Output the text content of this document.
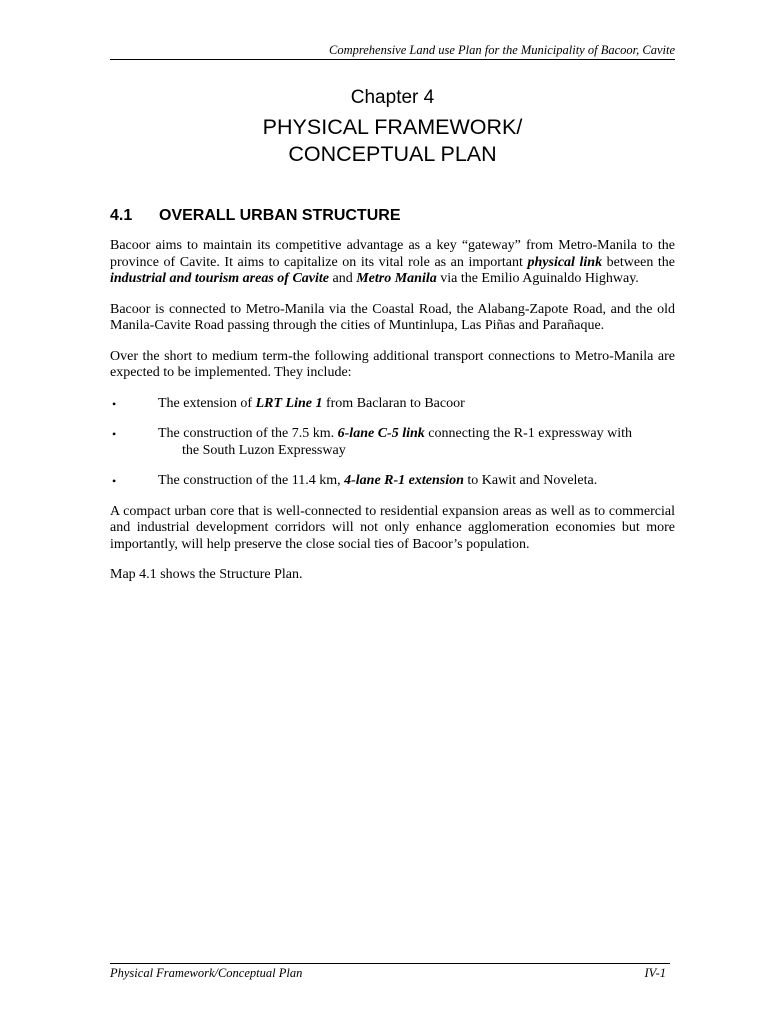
Comprehensive Land use Plan for the Municipality of Bacoor, Cavite
Chapter 4
PHYSICAL FRAMEWORK/
CONCEPTUAL PLAN
4.1 OVERALL URBAN STRUCTURE

Bacoor aims to maintain its competitive advantage as a key “gateway” from Metro-Manila to the province of Cavite. It aims to capitalize on its vital role as an important physical link between the industrial and tourism areas of Cavite and Metro Manila via the Emilio Aguinaldo Highway.

Bacoor is connected to Metro-Manila via the Coastal Road, the Alabang-Zapote Road, and the old Manila-Cavite Road passing through the cities of Muntinlupa, Las Piñas and Parañaque.

Over the short to medium term-the following additional transport connections to Metro-Manila are expected to be implemented. They include:

•	The extension of LRT Line 1 from Baclaran to Bacoor
•	The construction of the 7.5 km. 6-lane C-5 link connecting the R-1 expressway with
the South Luzon Expressway
•	The construction of the 11.4 km, 4-lane R-1 extension to Kawit and Noveleta.

A compact urban core that is well-connected to residential expansion areas as well as to commercial and industrial development corridors will not only enhance agglomeration economies but more importantly, will help preserve the close social ties of Bacoor’s population.

Map 4.1 shows the Structure Plan.

Physical Framework/Conceptual Plan	IV-1
